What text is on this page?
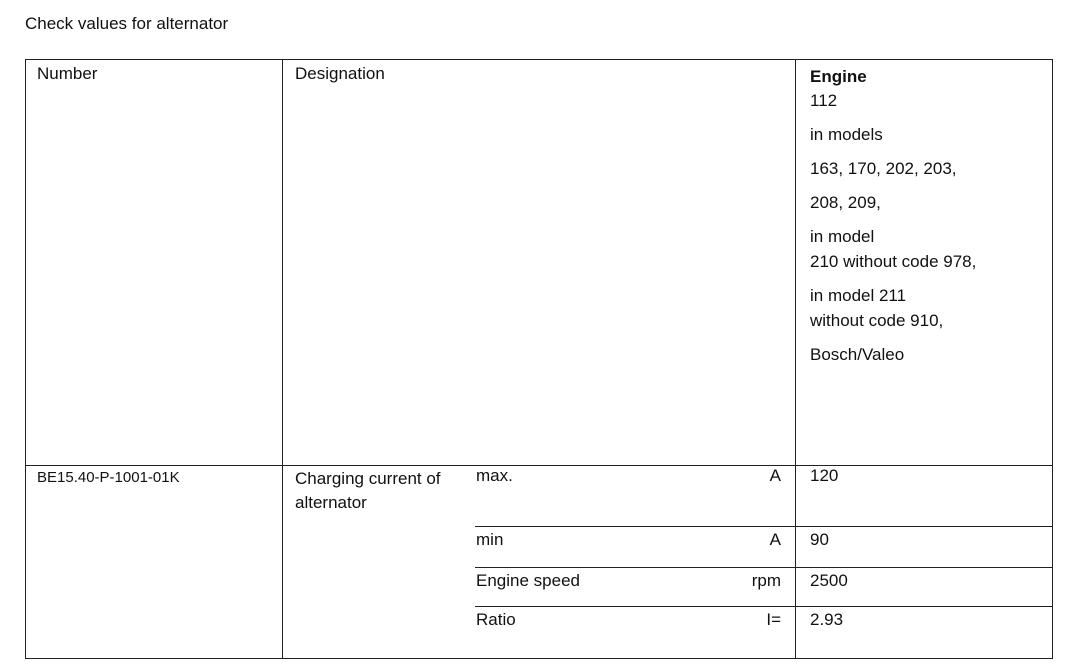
Check values for alternator
Number	Designation	Engine

112

in models

163, 170, 202, 203,

208, 209,

in model

210 without code 978,

in model 211

without code 910,

Bosch/Valeo

BE15.40-P-1001-01K	Charging current of alternator
max.	A 120
min	A 90
Engine speed	rpm 2500
Ratio	I= 2.93
